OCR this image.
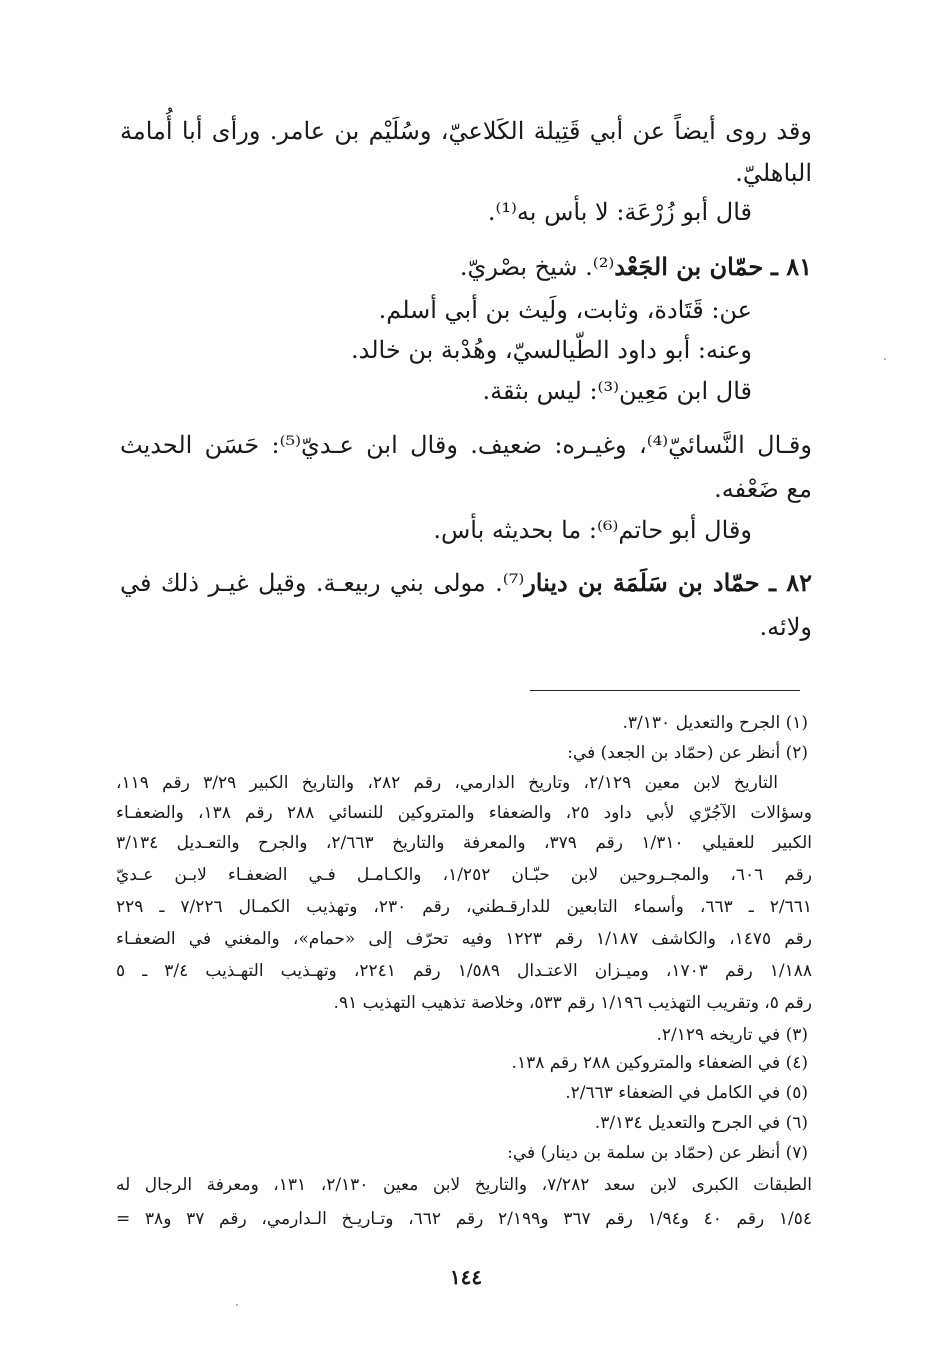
وقد روى أيضاً عن أبي قَتِيلة الكَلاعيّ، وسُلَيْم بن عامر. ورأى أبا أُمامة
الباهليّ.
قال أبو زُرْعَة: لا بأس به⁽¹⁾.
٨١ ـ حمّان بن الجَعْد⁽²⁾. شيخ بصْريّ.
عن: قَتَادة، وثابت، ولَيث بن أبي أسلم.
وعنه: أبو داود الطّيالسيّ، وهُدْبة بن خالد.
قال ابن مَعِين⁽³⁾: ليس بثقة.
وقـال النَّسائيّ⁽⁴⁾، وغيـره: ضعيف. وقال ابن عـديّ⁽⁵⁾: حَسَن الحديث
مع ضَعْفه.
وقال أبو حاتم⁽⁶⁾: ما بحديثه بأس.
٨٢ ـ حمّاد بن سَلَمَة بن دينار⁽⁷⁾. مولى بني ربيعـة. وقيل غيـر ذلك في
ولائه.
(١) الجرح والتعديل ٣/١٣٠.
(٢) أنظر عن (حمّاد بن الجعد) في:
التاريخ لابن معين ٢/١٢٩، وتاريخ الدارمي، رقم ٢٨٢، والتاريخ الكبير ٣/٢٩ رقم ١١٩،
وسؤالات الآجُرّي لأبي داود ٢٥، والضعفاء والمتروكين للنسائي ٢٨٨ رقم ١٣٨، والضعفـاء
الكبير للعقيلي ١/٣١٠ رقم ٣٧٩، والمعرفة والتاريخ ٢/٦٦٣، والجرح والتعـديل ٣/١٣٤
رقم ٦٠٦، والمجـروحين لابن حبّـان ١/٢٥٢، والكـامـل فـي الضعفـاء لابـن عـديّ
٢/٦٦١ ـ ٦٦٣، وأسماء التابعين للدارقـطني، رقم ٢٣٠، وتهذيب الكمـال ٧/٢٢٦ ـ ٢٢٩
رقم ١٤٧٥، والكاشف ١/١٨٧ رقم ١٢٢٣ وفيه تحرّف إلى «حمام»، والمغني في الضعفـاء
١/١٨٨ رقم ١٧٠٣، وميـزان الاعتـدال ١/٥٨٩ رقم ٢٢٤١، وتهـذيب التهـذيب ٣/٤ ـ ٥
رقم ٥، وتقريب التهذيب ١/١٩٦ رقم ٥٣٣، وخلاصة تذهيب التهذيب ٩١.
(٣) في تاريخه ٢/١٢٩.
(٤) في الضعفاء والمتروكين ٢٨٨ رقم ١٣٨.
(٥) في الكامل في الضعفاء ٢/٦٦٣.
(٦) في الجرح والتعديل ٣/١٣٤.
(٧) أنظر عن (حمّاد بن سلمة بن دينار) في:
الطبقات الكبرى لابن سعد ٧/٢٨٢، والتاريخ لابن معين ٢/١٣٠، ١٣١، ومعرفة الرجال له
١/٥٤ رقم ٤٠ و١/٩٤ رقم ٣٦٧ و٢/١٩٩ رقم ٦٦٢، وتـاريـخ الـدارمي، رقم ٣٧ و٣٨ =
١٤٤
